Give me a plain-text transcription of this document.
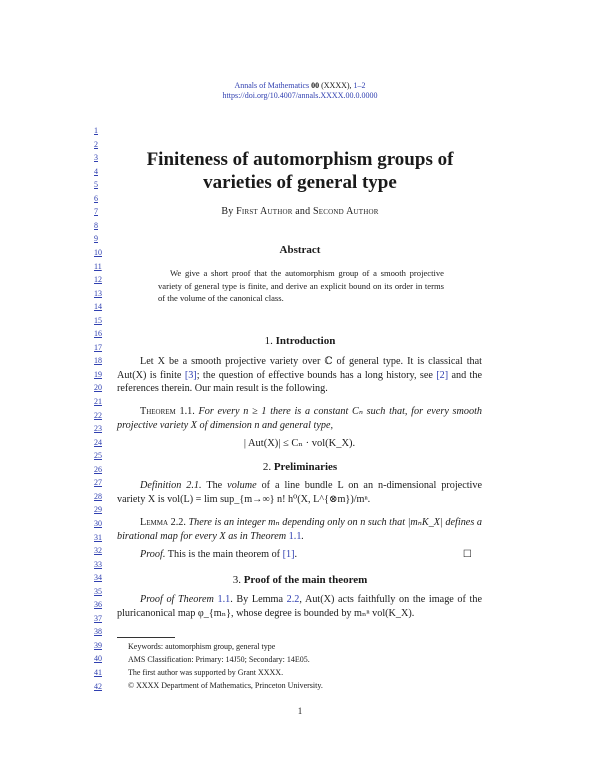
Annals of Mathematics 00 (XXXX), 1–2
https://doi.org/10.4007/annals.XXXX.00.0.0000
1
2
3
4
5
6
7
8
9
10
11
12
13
14
15
16
17
18
19
20
21
22
23
24
25
26
27
28
29
30
31
32
33
34
35
36
37
38
39
40
41
42
Finiteness of automorphism groups of
varieties of general type
By First Author and Second Author
Abstract
We give a short proof that the automorphism group of a smooth projective variety of general type is finite, and derive an explicit bound on its order in terms of the volume of the canonical class.
1. Introduction
Let X be a smooth projective variety over ℂ of general type. It is classical that Aut(X) is finite [3]; the question of effective bounds has a long history, see [2] and the references therein. Our main result is the following.
Theorem 1.1. For every n ≥ 1 there is a constant Cₙ such that, for every smooth projective variety X of dimension n and general type,
| Aut(X)| ≤ Cₙ · vol(K_X).
2. Preliminaries
Definition 2.1. The volume of a line bundle L on an n-dimensional projective variety X is vol(L) = lim sup_{m→∞} n! h⁰(X, L^{⊗m})/mⁿ.
Lemma 2.2. There is an integer mₙ depending only on n such that |mₙK_X| defines a birational map for every X as in Theorem 1.1.
Proof. This is the main theorem of [1].	☐
3. Proof of the main theorem
Proof of Theorem 1.1. By Lemma 2.2, Aut(X) acts faithfully on the image of the pluricanonical map φ_{mₙ}, whose degree is bounded by mₙⁿ vol(K_X).
Keywords: automorphism group, general type
AMS Classification: Primary: 14J50; Secondary: 14E05.
The first author was supported by Grant XXXX.
© XXXX Department of Mathematics, Princeton University.
1
